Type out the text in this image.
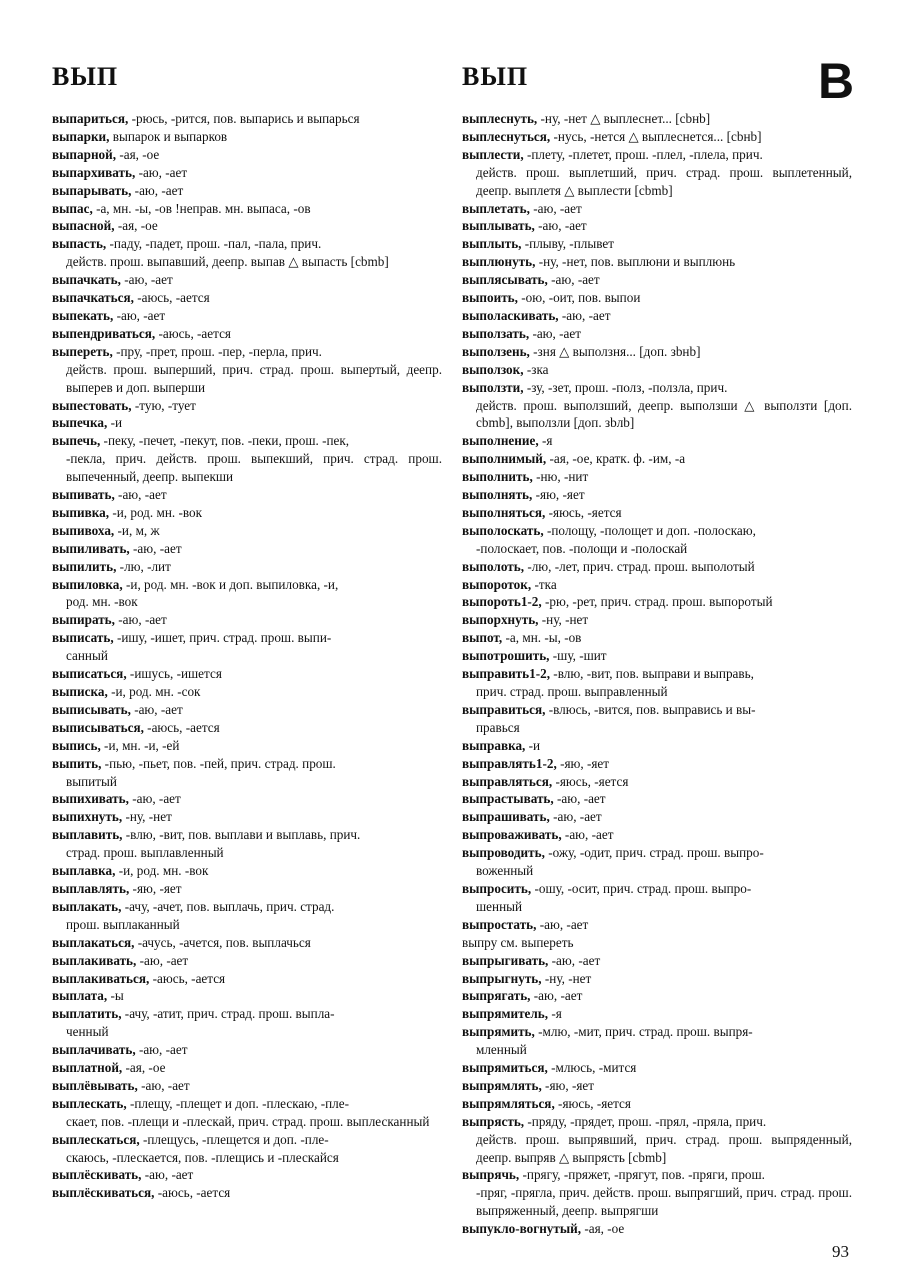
ВЫП	ВЫП	В
выпариться, -рюсь, -рится, пов. выпарись и выпарься
выпарки, выпарок и выпарков
выпарной, -ая, -ое
выпархивать, -аю, -ает
выпарывать, -аю, -ает
выпас, -а, мн. -ы, -ов !неправ. мн. выпаса, -ов
выпасной, -ая, -ое
выпасть, -паду, -падет, прош. -пал, -пала, прич.
действ. прош. выпавший, деепр. выпав △ выпасть [cbmb]
выпачкать, -аю, -ает
выпачкаться, -аюсь, -ается
выпекать, -аю, -ает
выпендриваться, -аюсь, -ается
выпереть, -пру, -прет, прош. -пер, -перла, прич.
действ. прош. выперший, прич. страд. прош. выпертый, деепр. выперев и доп. выперши
выпестовать, -тую, -тует
выпечка, -и
выпечь, -пеку, -печет, -пекут, пов. -пеки, прош. -пек,
-пекла, прич. действ. прош. выпекший, прич. страд. прош. выпеченный, деепр. выпекши
выпивать, -аю, -ает
выпивка, -и, род. мн. -вок
выпивоха, -и, м, ж
выпиливать, -аю, -ает
выпилить, -лю, -лит
выпиловка, -и, род. мн. -вок и доп. выпиловка, -и,
род. мн. -вок
выпирать, -аю, -ает
выписать, -ишу, -ишет, прич. страд. прош. выпи-
санный
выписаться, -ишусь, -ишется
выписка, -и, род. мн. -сок
выписывать, -аю, -ает
выписываться, -аюсь, -ается
выпись, -и, мн. -и, -ей
выпить, -пью, -пьет, пов. -пей, прич. страд. прош.
выпитый
выпихивать, -аю, -ает
выпихнуть, -ну, -нет
выплавить, -влю, -вит, пов. выплави и выплавь, прич.
страд. прош. выплавленный
выплавка, -и, род. мн. -вок
выплавлять, -яю, -яет
выплакать, -ачу, -ачет, пов. выплачь, прич. страд.
прош. выплаканный
выплакаться, -ачусь, -ачется, пов. выплачься
выплакивать, -аю, -ает
выплакиваться, -аюсь, -ается
выплата, -ы
выплатить, -ачу, -атит, прич. страд. прош. выпла-
ченный
выплачивать, -аю, -ает
выплатной, -ая, -ое
выплёвывать, -аю, -ает
выплескать, -плещу, -плещет и доп. -плескаю, -пле-
скает, пов. -плещи и -плескай, прич. страд. прош. выплесканный
выплескаться, -плещусь, -плещется и доп. -пле-
скаюсь, -плескается, пов. -плещись и -плескайся
выплёскивать, -аю, -ает
выплёскиваться, -аюсь, -ается
выплеснуть, -ну, -нет △ выплеснет... [cbнb]
выплеснуться, -нусь, -нется △ выплеснется... [cbнb]
выплести, -плету, -плетет, прош. -плел, -плела, прич.
действ. прош. выплетший, прич. страд. прош. выплетенный, деепр. выплетя △ выплести [cbmb]
выплетать, -аю, -ает
выплывать, -аю, -ает
выплыть, -плыву, -плывет
выплюнуть, -ну, -нет, пов. выплюни и выплюнь
выплясывать, -аю, -ает
выпоить, -ою, -оит, пов. выпои
выполаскивать, -аю, -ает
выползать, -аю, -ает
выползень, -зня △ выползня... [доп. зbнb]
выползок, -зка
выползти, -зу, -зет, прош. -полз, -ползла, прич.
действ. прош. выползший, деепр. выползши △ выползти [доп. cbmb], выползли [доп. зbлb]
выполнение, -я
выполнимый, -ая, -ое, кратк. ф. -им, -а
выполнить, -ню, -нит
выполнять, -яю, -яет
выполняться, -яюсь, -яется
выполоскать, -полощу, -полощет и доп. -полоскаю,
-полоскает, пов. -полощи и -полоскай
выполоть, -лю, -лет, прич. страд. прош. выполотый
выпороток, -тка
выпороть1-2, -рю, -рет, прич. страд. прош. выпоротый
выпорхнуть, -ну, -нет
выпот, -а, мн. -ы, -ов
выпотрошить, -шу, -шит
выправить1-2, -влю, -вит, пов. выправи и выправь,
прич. страд. прош. выправленный
выправиться, -влюсь, -вится, пов. выправись и вы-
правься
выправка, -и
выправлять1-2, -яю, -яет
выправляться, -яюсь, -яется
выпрастывать, -аю, -ает
выпрашивать, -аю, -ает
выпроваживать, -аю, -ает
выпроводить, -ожу, -одит, прич. страд. прош. выпро-
воженный
выпросить, -ошу, -осит, прич. страд. прош. выпро-
шенный
выпростать, -аю, -ает
выпру см. выпереть
выпрыгивать, -аю, -ает
выпрыгнуть, -ну, -нет
выпрягать, -аю, -ает
выпрямитель, -я
выпрямить, -млю, -мит, прич. страд. прош. выпря-
мленный
выпрямиться, -млюсь, -мится
выпрямлять, -яю, -яет
выпрямляться, -яюсь, -яется
выпрясть, -пряду, -прядет, прош. -прял, -пряла, прич.
действ. прош. выпрявший, прич. страд. прош. выпряденный, деепр. выпряв △ выпрясть [cbmb]
выпрячь, -прягу, -пряжет, -прягут, пов. -пряги, прош.
-пряг, -прягла, прич. действ. прош. выпрягший, прич. страд. прош. выпряженный, деепр. выпрягши
выпукло-вогнутый, -ая, -ое
93
